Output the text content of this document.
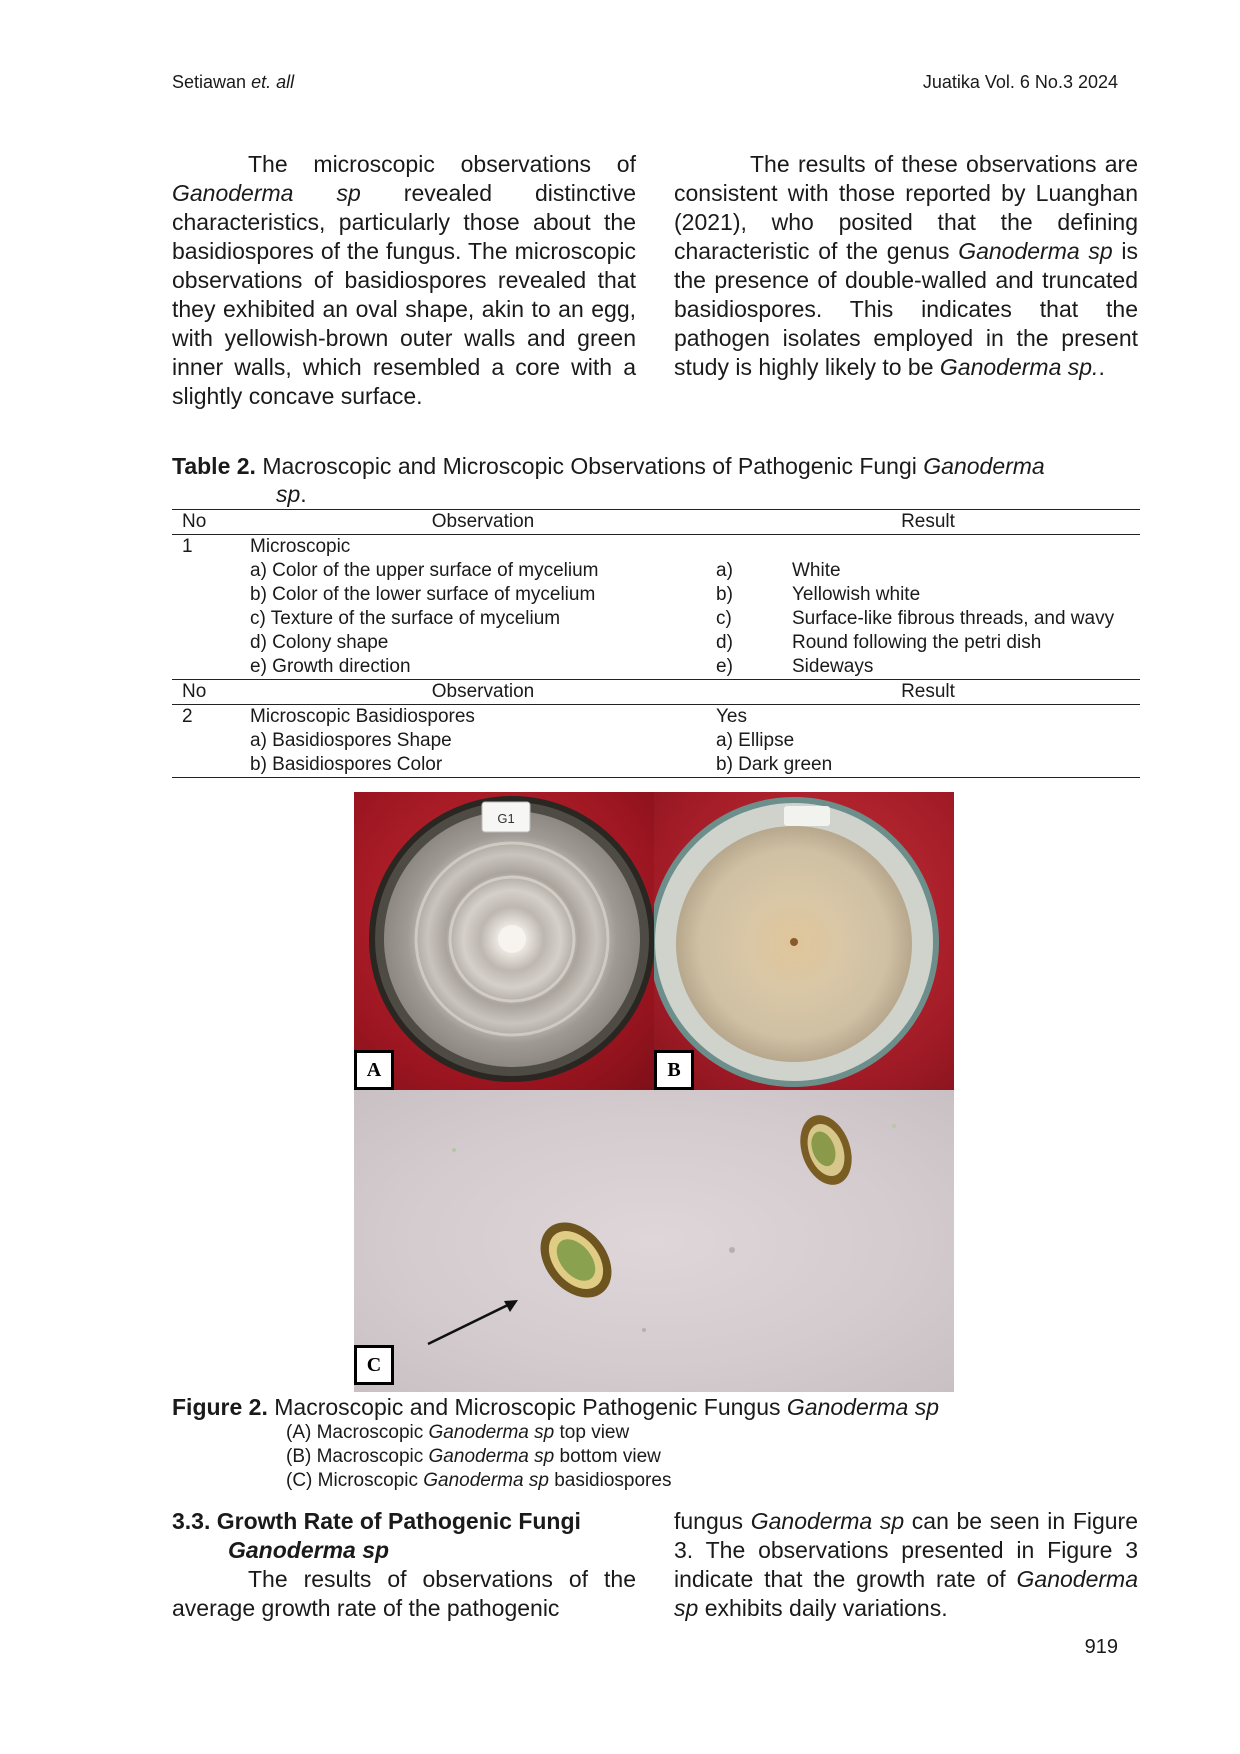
Setiawan et. all	Juatika Vol. 6 No.3 2024
The microscopic observations of Ganoderma sp revealed distinctive characteristics, particularly those about the basidiospores of the fungus. The microscopic observations of basidiospores revealed that they exhibited an oval shape, akin to an egg, with yellowish-brown outer walls and green inner walls, which resembled a core with a slightly concave surface.
The results of these observations are consistent with those reported by Luanghan (2021), who posited that the defining characteristic of the genus Ganoderma sp is the presence of double-walled and truncated basidiospores. This indicates that the pathogen isolates employed in the present study is highly likely to be Ganoderma sp..
Table 2. Macroscopic and Microscopic Observations of Pathogenic Fungi Ganoderma
sp.
No	Observation	Result	
1	Microscopic		
	a) Color of the upper surface of mycelium	a)	White
	b) Color of the lower surface of mycelium	b)	Yellowish white
	c) Texture of the surface of mycelium	c)	Surface-like fibrous threads, and wavy
	d) Colony shape	d)	Round following the petri dish
	e) Growth direction	e)	Sideways
No	Observation	Result	
2	Microscopic Basidiospores	Yes	
	a) Basidiospores Shape	a) Ellipse	
	b) Basidiospores Color	b) Dark green	
G1
A	B
C
Figure 2. Macroscopic and Microscopic Pathogenic Fungus Ganoderma sp
(A) Macroscopic Ganoderma sp top view
(B) Macroscopic Ganoderma sp bottom view
(C) Microscopic Ganoderma sp basidiospores
3.3. Growth Rate of Pathogenic Fungi
Ganoderma sp
The results of observations of the average growth rate of the pathogenic
fungus Ganoderma sp can be seen in Figure 3. The observations presented in Figure 3 indicate that the growth rate of Ganoderma sp exhibits daily variations.
919
